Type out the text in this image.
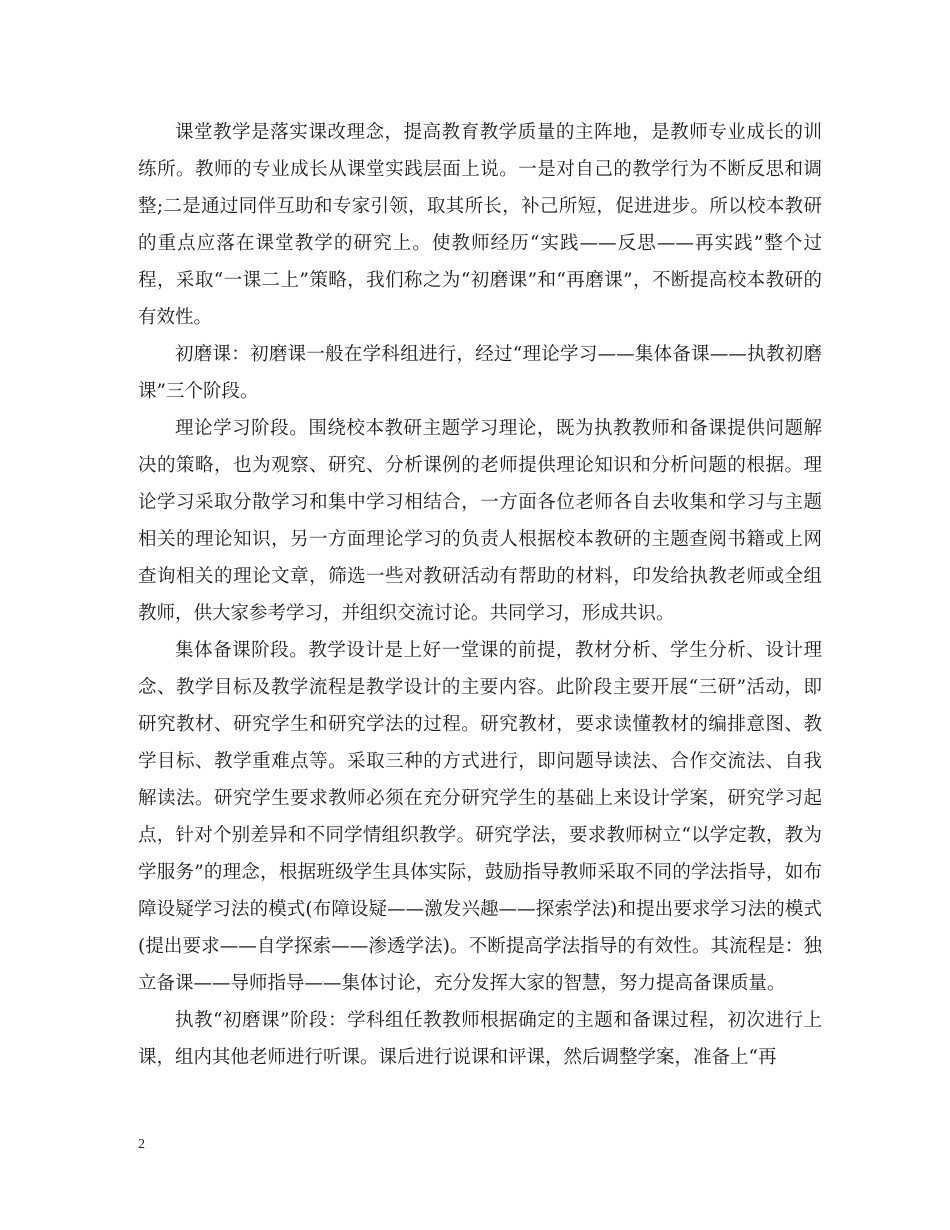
课堂教学是落实课改理念，提高教育教学质量的主阵地，是教师专业成长的训练所。教师的专业成长从课堂实践层面上说。一是对自己的教学行为不断反思和调整;二是通过同伴互助和专家引领，取其所长，补己所短，促进进步。所以校本教研的重点应落在课堂教学的研究上。使教师经历“实践——反思——再实践”整个过程，采取“一课二上”策略，我们称之为“初磨课”和“再磨课”，不断提高校本教研的有效性。

初磨课：初磨课一般在学科组进行，经过“理论学习——集体备课——执教初磨课”三个阶段。

理论学习阶段。围绕校本教研主题学习理论，既为执教教师和备课提供问题解决的策略，也为观察、研究、分析课例的老师提供理论知识和分析问题的根据。理论学习采取分散学习和集中学习相结合，一方面各位老师各自去收集和学习与主题相关的理论知识，另一方面理论学习的负责人根据校本教研的主题查阅书籍或上网查询相关的理论文章，筛选一些对教研活动有帮助的材料，印发给执教老师或全组教师，供大家参考学习，并组织交流讨论。共同学习，形成共识。

集体备课阶段。教学设计是上好一堂课的前提，教材分析、学生分析、设计理念、教学目标及教学流程是教学设计的主要内容。此阶段主要开展“三研”活动，即研究教材、研究学生和研究学法的过程。研究教材，要求读懂教材的编排意图、教学目标、教学重难点等。采取三种的方式进行，即问题导读法、合作交流法、自我解读法。研究学生要求教师必须在充分研究学生的基础上来设计学案，研究学习起点，针对个别差异和不同学情组织教学。研究学法，要求教师树立“以学定教，教为学服务”的理念，根据班级学生具体实际，鼓励指导教师采取不同的学法指导，如布障设疑学习法的模式(布障设疑——激发兴趣——探索学法)和提出要求学习法的模式(提出要求——自学探索——渗透学法)。不断提高学法指导的有效性。其流程是：独立备课——导师指导——集体讨论，充分发挥大家的智慧，努力提高备课质量。

执教“初磨课”阶段：学科组任教教师根据确定的主题和备课过程，初次进行上课，组内其他老师进行听课。课后进行说课和评课，然后调整学案，准备上“再

2
